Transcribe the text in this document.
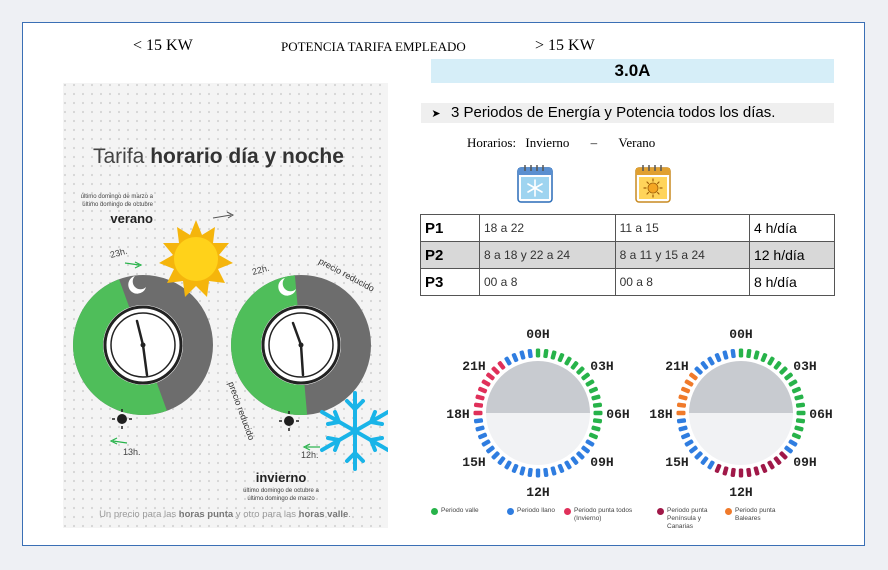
< 15 KW	POTENCIA TARIFA EMPLEADO	> 15 KW
3.0A
➤ 3 Periodos de Energía y Potencia todos los días.
Horarios: Invierno – Verano
P1	18 a 22	11 a 15	4 h/día
P2	8 a 18 y 22 a 24	8 a 11 y 15 a 24	12 h/día
P3	00 a 8	00 a 8	8 h/día
Tarifa horario día y noche
último domingo de marzo a
último domingo de octubre
verano
23h.
13h.
precio reducido
22h.
12h.
precio reducido
invierno
último domingo de octubre a
último domingo de marzo
Un precio para las horas punta y otro para las horas valle.
00H
03H
06H
09H
12H
15H
18H
21H
00H
03H
06H
09H
12H
15H
18H
21H
Periodo valle	Periodo llano	Periodo punta todos (Invierno)
Periodo punta Península y Canarias
Periodo punta Baleares
